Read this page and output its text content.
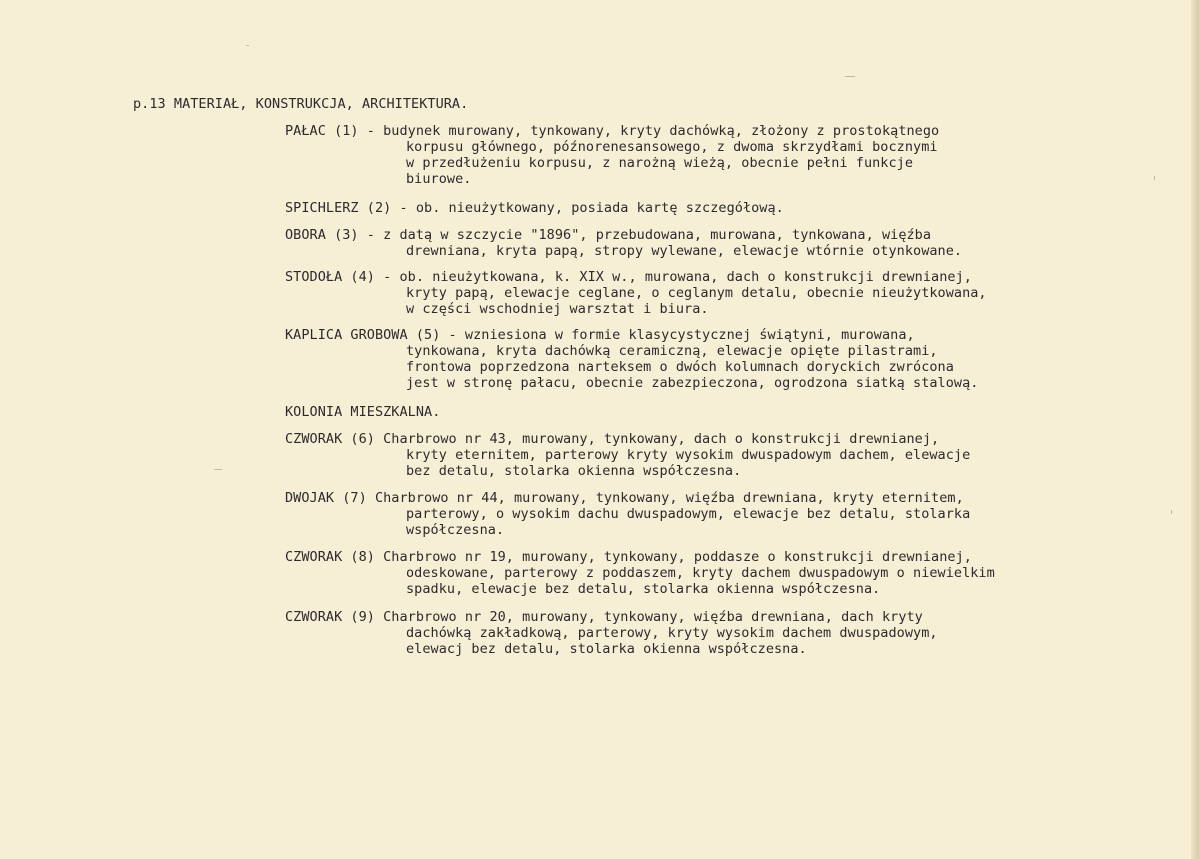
p.13 MATERIAŁ, KONSTRUKCJA, ARCHITEKTURA.
PAŁAC (1) - budynek murowany, tynkowany, kryty dachówką, złożony z prostokątnego
korpusu głównego, późnorenesansowego, z dwoma skrzydłami bocznymi
w przedłużeniu korpusu, z narożną wieżą, obecnie pełni funkcje
biurowe.
SPICHLERZ (2) - ob. nieużytkowany, posiada kartę szczegółową.
OBORA (3) - z datą w szczycie "1896", przebudowana, murowana, tynkowana, więźba
drewniana, kryta papą, stropy wylewane, elewacje wtórnie otynkowane.
STODOŁA (4) - ob. nieużytkowana, k. XIX w., murowana, dach o konstrukcji drewnianej,
kryty papą, elewacje ceglane, o ceglanym detalu, obecnie nieużytkowana,
w części wschodniej warsztat i biura.
KAPLICA GROBOWA (5) - wzniesiona w formie klasycystycznej świątyni, murowana,
tynkowana, kryta dachówką ceramiczną, elewacje opięte pilastrami,
frontowa poprzedzona narteksem o dwóch kolumnach doryckich zwrócona
jest w stronę pałacu, obecnie zabezpieczona, ogrodzona siatką stalową.
KOLONIA MIESZKALNA.
CZWORAK (6) Charbrowo nr 43, murowany, tynkowany, dach o konstrukcji drewnianej,
kryty eternitem, parterowy kryty wysokim dwuspadowym dachem, elewacje
bez detalu, stolarka okienna współczesna.
DWOJAK (7) Charbrowo nr 44, murowany, tynkowany, więźba drewniana, kryty eternitem,
parterowy, o wysokim dachu dwuspadowym, elewacje bez detalu, stolarka
współczesna.
CZWORAK (8) Charbrowo nr 19, murowany, tynkowany, poddasze o konstrukcji drewnianej,
odeskowane, parterowy z poddaszem, kryty dachem dwuspadowym o niewielkim
spadku, elewacje bez detalu, stolarka okienna współczesna.
CZWORAK (9) Charbrowo nr 20, murowany, tynkowany, więźba drewniana, dach kryty
dachówką zakładkową, parterowy, kryty wysokim dachem dwuspadowym,
elewacj bez detalu, stolarka okienna współczesna.
